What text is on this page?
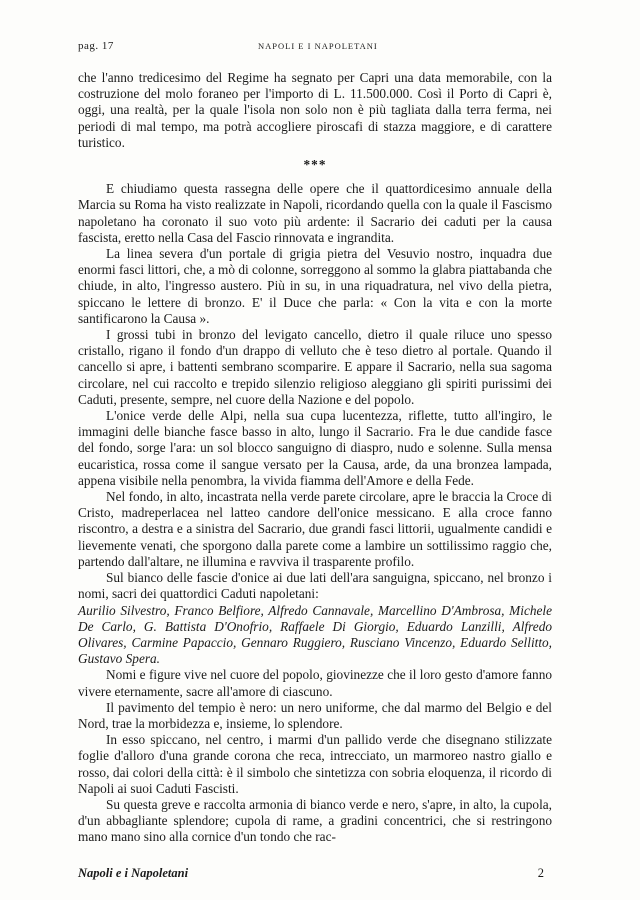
pag. 17	NAPOLI E I NAPOLETANI

che l'anno tredicesimo del Regime ha segnato per Capri una data memorabile, con la costruzione del molo foraneo per l'importo di L. 11.500.000. Così il Porto di Capri è, oggi, una realtà, per la quale l'isola non solo non è più tagliata dalla terra ferma, nei periodi di mal tempo, ma potrà accogliere piroscafi di stazza maggiore, e di carattere turistico.

***

E chiudiamo questa rassegna delle opere che il quattordicesimo annuale della Marcia su Roma ha visto realizzate in Napoli, ricordando quella con la quale il Fascismo napoletano ha coronato il suo voto più ardente: il Sacrario dei caduti per la causa fascista, eretto nella Casa del Fascio rinnovata e ingrandita.

La linea severa d'un portale di grigia pietra del Vesuvio nostro, inquadra due enormi fasci littori, che, a mò di colonne, sorreggono al sommo la glabra piattabanda che chiude, in alto, l'ingresso austero. Più in su, in una riquadratura, nel vivo della pietra, spiccano le lettere di bronzo. E' il Duce che parla: « Con la vita e con la morte santificarono la Causa ».

I grossi tubi in bronzo del levigato cancello, dietro il quale riluce uno spesso cristallo, rigano il fondo d'un drappo di velluto che è teso dietro al portale. Quando il cancello si apre, i battenti sembrano scomparire. E appare il Sacrario, nella sua sagoma circolare, nel cui raccolto e trepido silenzio religioso aleggiano gli spiriti purissimi dei Caduti, presente, sempre, nel cuore della Nazione e del popolo.

L'onice verde delle Alpi, nella sua cupa lucentezza, riflette, tutto all'ingiro, le immagini delle bianche fasce basso in alto, lungo il Sacrario. Fra le due candide fasce del fondo, sorge l'ara: un sol blocco sanguigno di diaspro, nudo e solenne. Sulla mensa eucaristica, rossa come il sangue versato per la Causa, arde, da una bronzea lampada, appena visibile nella penombra, la vivida fiamma dell'Amore e della Fede.

Nel fondo, in alto, incastrata nella verde parete circolare, apre le braccia la Croce di Cristo, madreperlacea nel latteo candore dell'onice messicano. E alla croce fanno riscontro, a destra e a sinistra del Sacrario, due grandi fasci littorii, ugualmente candidi e lievemente venati, che sporgono dalla parete come a lambire un sottilissimo raggio che, partendo dall'altare, ne illumina e ravviva il trasparente profilo.

Sul bianco delle fascie d'onice ai due lati dell'ara sanguigna, spiccano, nel bronzo i nomi, sacri dei quattordici Caduti napoletani:

Aurilio Silvestro, Franco Belfiore, Alfredo Cannavale, Marcellino D'Ambrosa, Michele De Carlo, G. Battista D'Onofrio, Raffaele Di Giorgio, Eduardo Lanzilli, Alfredo Olivares, Carmine Papaccio, Gennaro Ruggiero, Rusciano Vincenzo, Eduardo Sellitto, Gustavo Spera.

Nomi e figure vive nel cuore del popolo, giovinezze che il loro gesto d'amore fanno vivere eternamente, sacre all'amore di ciascuno.

Il pavimento del tempio è nero: un nero uniforme, che dal marmo del Belgio e del Nord, trae la morbidezza e, insieme, lo splendore.

In esso spiccano, nel centro, i marmi d'un pallido verde che disegnano stilizzate foglie d'alloro d'una grande corona che reca, intrecciato, un marmoreo nastro giallo e rosso, dai colori della città: è il simbolo che sintetizza con sobria eloquenza, il ricordo di Napoli ai suoi Caduti Fascisti.

Su questa greve e raccolta armonia di bianco verde e nero, s'apre, in alto, la cupola, d'un abbagliante splendore; cupola di rame, a gradini concentrici, che si restringono mano mano sino alla cornice d'un tondo che rac-

Napoli e i Napoletani	2
